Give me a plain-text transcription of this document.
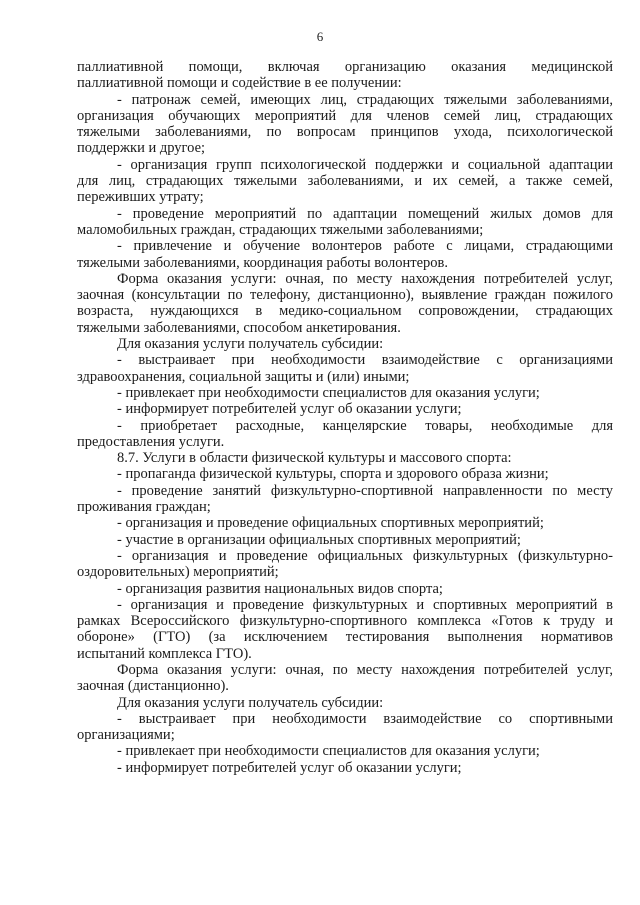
6
паллиативной помощи, включая организацию оказания медицинской
паллиативной помощи и содействие в ее получении:
- патронаж семей, имеющих лиц, страдающих тяжелыми заболеваниями,
организация обучающих мероприятий для членов семей лиц, страдающих
тяжелыми заболеваниями, по вопросам принципов ухода, психологической
поддержки и другое;
- организация групп психологической поддержки и социальной адаптации
для лиц, страдающих тяжелыми заболеваниями, и их семей, а также семей,
переживших утрату;
- проведение мероприятий по адаптации помещений жилых домов для
маломобильных граждан, страдающих тяжелыми заболеваниями;
- привлечение и обучение волонтеров работе с лицами, страдающими
тяжелыми заболеваниями, координация работы волонтеров.
Форма оказания услуги: очная, по месту нахождения потребителей услуг,
заочная (консультации по телефону, дистанционно), выявление граждан пожилого
возраста, нуждающихся в медико-социальном сопровождении, страдающих
тяжелыми заболеваниями, способом анкетирования.
Для оказания услуги получатель субсидии:
- выстраивает при необходимости взаимодействие с организациями
здравоохранения, социальной защиты и (или) иными;
- привлекает при необходимости специалистов для оказания услуги;
- информирует потребителей услуг об оказании услуги;
- приобретает расходные, канцелярские товары, необходимые для
предоставления услуги.
8.7. Услуги в области физической культуры и массового спорта:
- пропаганда физической культуры, спорта и здорового образа жизни;
- проведение занятий физкультурно-спортивной направленности по месту
проживания граждан;
- организация и проведение официальных спортивных мероприятий;
- участие в организации официальных спортивных мероприятий;
- организация и проведение официальных физкультурных (физкультурно-
оздоровительных) мероприятий;
- организация развития национальных видов спорта;
- организация и проведение физкультурных и спортивных мероприятий в
рамках Всероссийского физкультурно-спортивного комплекса «Готов к труду и
обороне» (ГТО) (за исключением тестирования выполнения нормативов
испытаний комплекса ГТО).
Форма оказания услуги: очная, по месту нахождения потребителей услуг,
заочная (дистанционно).
Для оказания услуги получатель субсидии:
- выстраивает при необходимости взаимодействие со спортивными
организациями;
- привлекает при необходимости специалистов для оказания услуги;
- информирует потребителей услуг об оказании услуги;
